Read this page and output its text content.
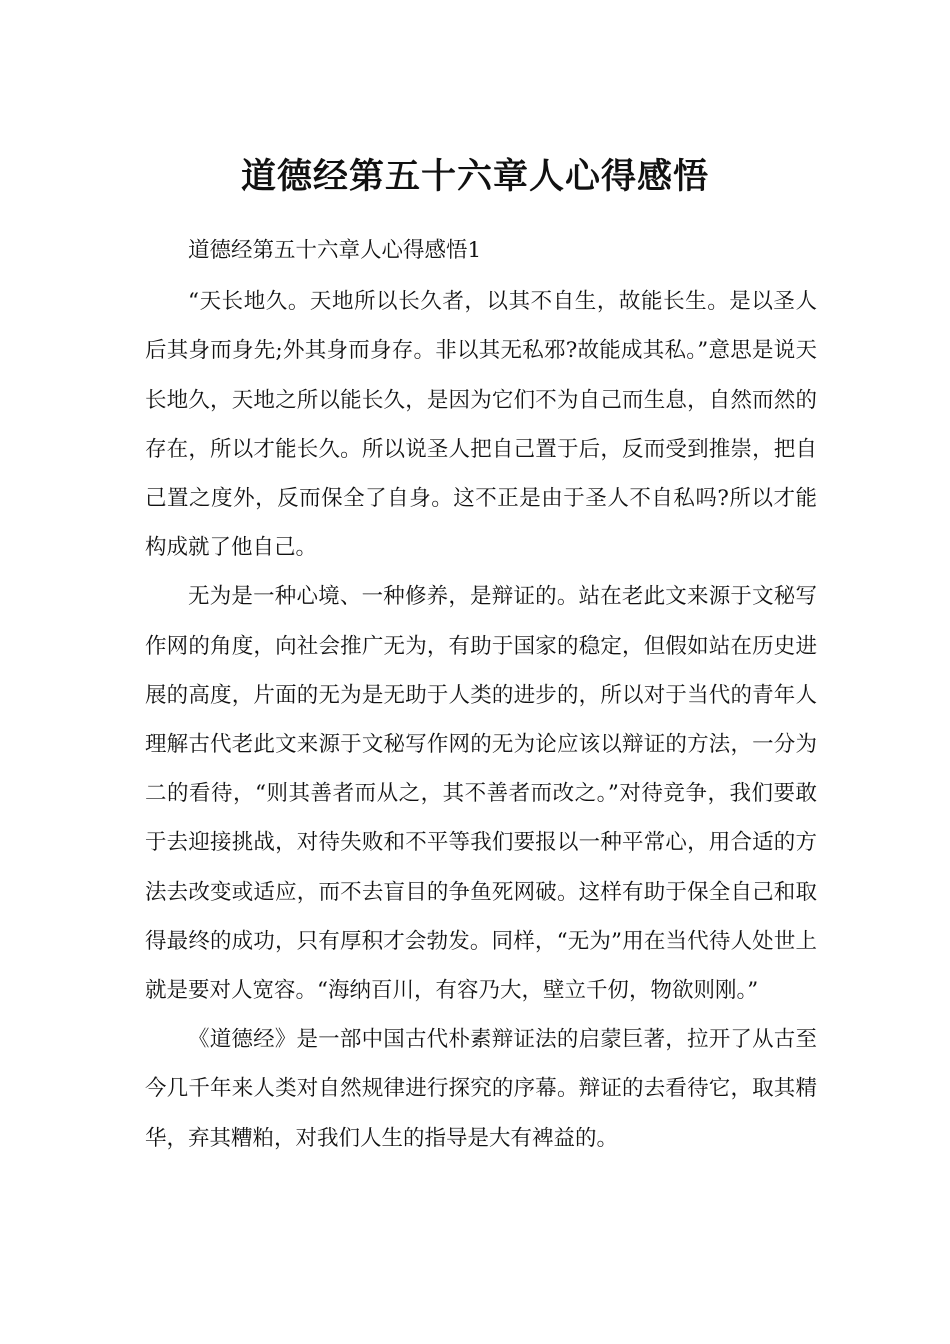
道德经第五十六章人心得感悟

道德经第五十六章人心得感悟1

“天长地久。天地所以长久者，以其不自生，故能长生。是以圣人后其身而身先;外其身而身存。非以其无私邪?故能成其私。”意思是说天长地久，天地之所以能长久，是因为它们不为自己而生息，自然而然的存在，所以才能长久。所以说圣人把自己置于后，反而受到推崇，把自己置之度外，反而保全了自身。这不正是由于圣人不自私吗?所以才能构成就了他自己。

无为是一种心境、一种修养，是辩证的。站在老此文来源于文秘写作网的角度，向社会推广无为，有助于国家的稳定，但假如站在历史进展的高度，片面的无为是无助于人类的进步的，所以对于当代的青年人理解古代老此文来源于文秘写作网的无为论应该以辩证的方法，一分为二的看待，“则其善者而从之，其不善者而改之。”对待竞争，我们要敢于去迎接挑战，对待失败和不平等我们要报以一种平常心，用合适的方法去改变或适应，而不去盲目的争鱼死网破。这样有助于保全自己和取得最终的成功，只有厚积才会勃发。同样，“无为”用在当代待人处世上就是要对人宽容。“海纳百川，有容乃大，壁立千仞，物欲则刚。”

《道德经》是一部中国古代朴素辩证法的启蒙巨著，拉开了从古至今几千年来人类对自然规律进行探究的序幕。辩证的去看待它，取其精华，弃其糟粕，对我们人生的指导是大有裨益的。
